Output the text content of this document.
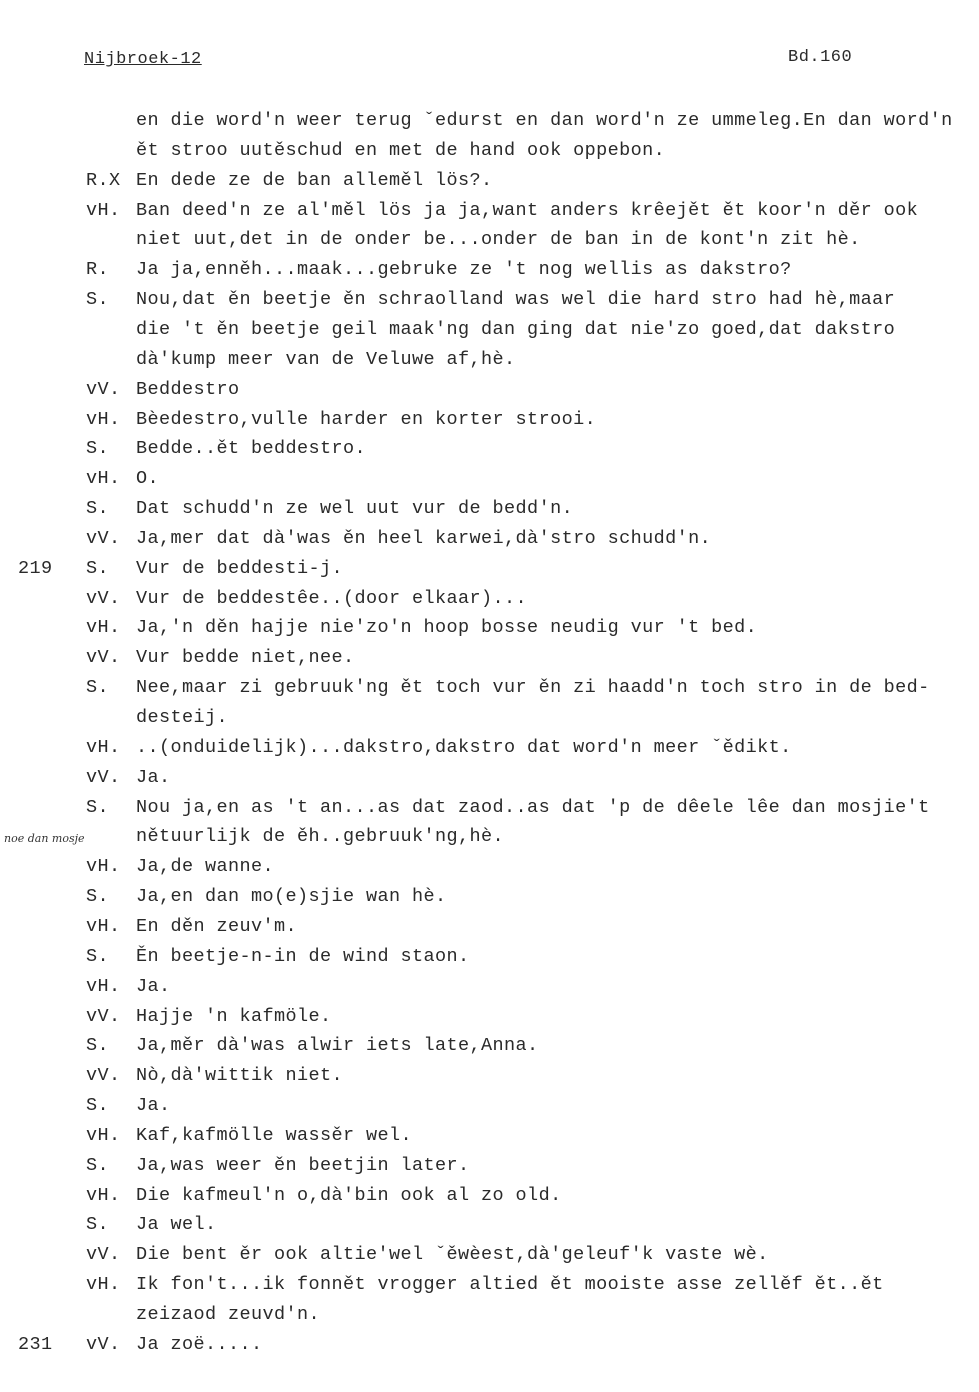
Nijbroek-12	Bd.160
en die word'n weer terug ˇedurst en dan word'n ze ummeleg.En dan word'n
ět stroo uutěschud en met de hand ook oppebon.
R.X En dede ze de ban alleměl lös?.
vH. Ban deed'n ze al'měl lös ja ja,want anders krêejět ět koor'n děr ook
niet uut,det in de onder be...onder de ban in de kont'n zit hè.
R.	Ja ja,enněh...maak...gebruke ze 't nog wellis as dakstro?
S.	Nou,dat ěn beetje ěn schraolland was wel die hard stro had hè,maar
die 't ěn beetje geil maak'ng dan ging dat nie'zo goed,dat dakstro
dà'kump meer van de Veluwe af,hè.
vV. Beddestro
vH. Bèedestro,vulle harder en korter strooi.
S.	Bedde..ět beddestro.
vH. O.
S.	Dat schudd'n ze wel uut vur de bedd'n.
vV. Ja,mer dat dà'was ěn heel karwei,dà'stro schudd'n.
219	S.	Vur de beddesti-j.
vV. Vur de beddestêe..(door elkaar)...
vH. Ja,'n děn hajje nie'zo'n hoop bosse neudig vur 't bed.
vV. Vur bedde niet,nee.
S.	Nee,maar zi gebruuk'ng ět toch vur ěn zi haadd'n toch stro in de bed-
desteij.
vH. ..(onduidelijk)...dakstro,dakstro dat word'n meer ˇědikt.
vV. Ja.
S.	Nou ja,en as 't an...as dat zaod..as dat 'p de dêele lêe dan mosjie't
nětuurlijk de ěh..gebruuk'ng,hè.
vH. Ja,de wanne.
S.	Ja,en dan mo(e)sjie wan hè.
vH. En děn zeuv'm.
S.	Ěn beetje-n-in de wind staon.
vH. Ja.
vV. Hajje 'n kafmöle.
S.	Ja,měr dà'was alwir iets late,Anna.
vV. Nò,dà'wittik niet.
S.	Ja.
vH. Kaf,kafmölle wassěr wel.
S.	Ja,was weer ěn beetjin later.
vH. Die kafmeul'n o,dà'bin ook al zo old.
S.	Ja wel.
vV. Die bent ěr ook altie'wel ˇěwèest,dà'geleuf'k vaste wè.
vH. Ik fon't...ik fonnět vrogger altied ět mooiste asse zellěf ět..ět
zeizaod zeuvd'n.
231	vV. Ja zoë.....
noe dan mosje
